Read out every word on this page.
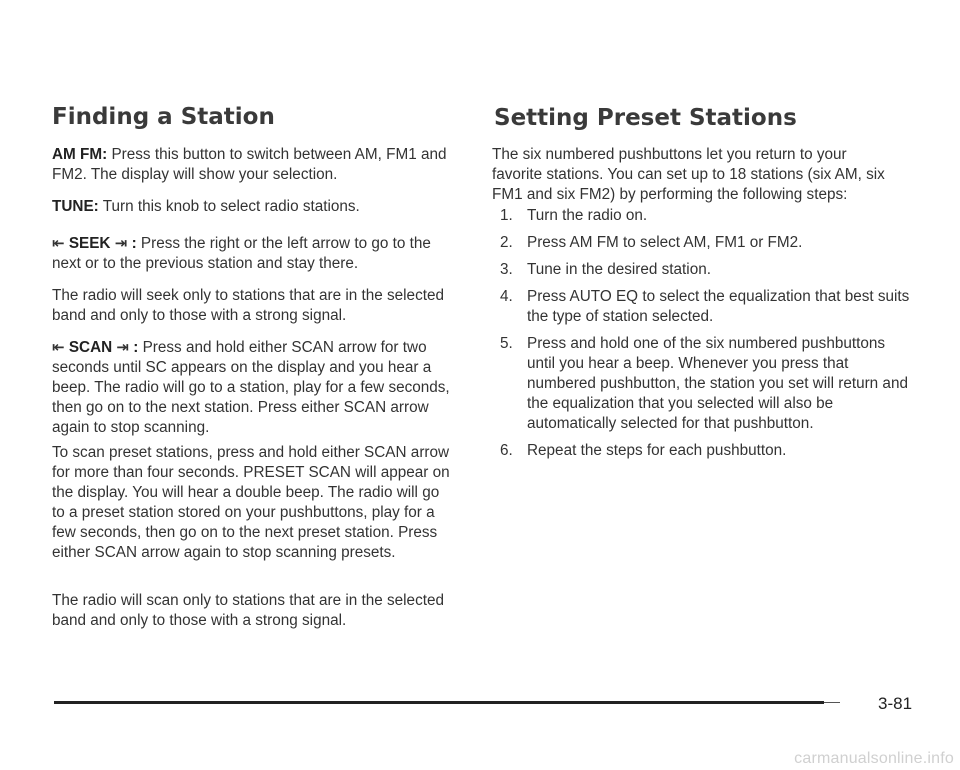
Finding a Station

AM FM: Press this button to switch between AM, FM1 and FM2. The display will show your selection.

TUNE: Turn this knob to select radio stations.

⇤ SEEK ⇥ : Press the right or the left arrow to go to the next or to the previous station and stay there.

The radio will seek only to stations that are in the selected band and only to those with a strong signal.

⇤ SCAN ⇥ : Press and hold either SCAN arrow for two seconds until SC appears on the display and you hear a beep. The radio will go to a station, play for a few seconds, then go on to the next station. Press either SCAN arrow again to stop scanning.

To scan preset stations, press and hold either SCAN arrow for more than four seconds. PRESET SCAN will appear on the display. You will hear a double beep. The radio will go to a preset station stored on your pushbuttons, play for a few seconds, then go on to the next preset station. Press either SCAN arrow again to stop scanning presets.

The radio will scan only to stations that are in the selected band and only to those with a strong signal.

Setting Preset Stations

The six numbered pushbuttons let you return to your favorite stations. You can set up to 18 stations (six AM, six FM1 and six FM2) by performing the following steps:

1. Turn the radio on.
2. Press AM FM to select AM, FM1 or FM2.
3. Tune in the desired station.
4. Press AUTO EQ to select the equalization that best suits the type of station selected.
5. Press and hold one of the six numbered pushbuttons until you hear a beep. Whenever you press that numbered pushbutton, the station you set will return and the equalization that you selected will also be automatically selected for that pushbutton.
6. Repeat the steps for each pushbutton.
3-81
carmanualsonline.info
